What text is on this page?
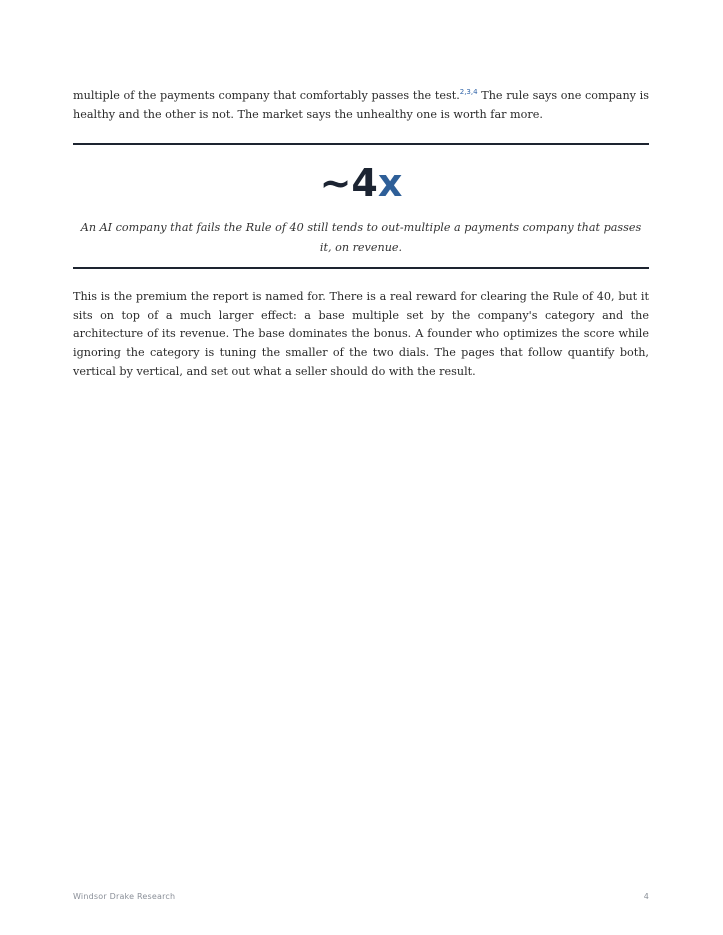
multiple of the payments company that comfortably passes the test.$^{2,3,4}$ The rule says one company is healthy and the other is not. The market says the unhealthy one is worth far more.

~4x

An AI company that fails the Rule of 40 still tends to out-multiple a payments company that passes it, on revenue.

This is the premium the report is named for. There is a real reward for clearing the Rule of 40, but it sits on top of a much larger effect: a base multiple set by the company's category and the architecture of its revenue. The base dominates the bonus. A founder who optimizes the score while ignoring the category is tuning the smaller of the two dials. The pages that follow quantify both, vertical by vertical, and set out what a seller should do with the result.

Windsor Drake Research	4
